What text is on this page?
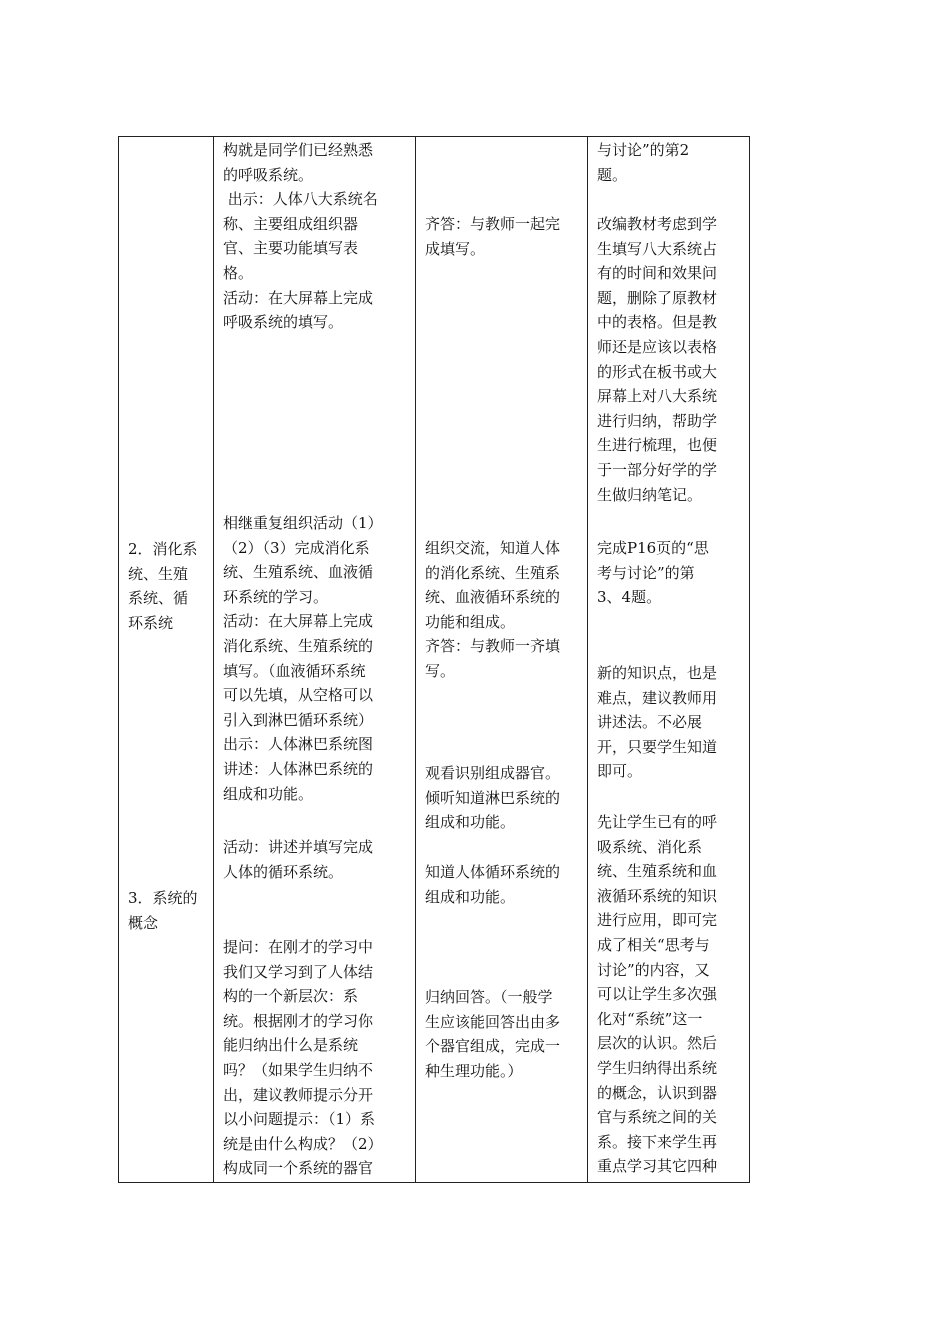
2．消化系
统、生殖
系统、循
环系统
3．系统的
概念
构就是同学们已经熟悉
的呼吸系统。
出示：人体八大系统名
称、主要组成组织器
官、主要功能填写表
格。
活动：在大屏幕上完成
呼吸系统的填写。
相继重复组织活动（1）
（2）（3）完成消化系
统、生殖系统、血液循
环系统的学习。
活动：在大屏幕上完成
消化系统、生殖系统的
填写。（血液循环系统
可以先填，从空格可以
引入到淋巴循环系统）
出示：人体淋巴系统图
讲述：人体淋巴系统的
组成和功能。
活动：讲述并填写完成
人体的循环系统。
提问：在刚才的学习中
我们又学习到了人体结
构的一个新层次：系
统。根据刚才的学习你
能归纳出什么是系统
吗？（如果学生归纳不
出，建议教师提示分开
以小问题提示：（1）系
统是由什么构成？（2）
构成同一个系统的器官
齐答：与教师一起完
成填写。
组织交流，知道人体
的消化系统、生殖系
统、血液循环系统的
功能和组成。
齐答：与教师一齐填
写。
观看识别组成器官。
倾听知道淋巴系统的
组成和功能。
知道人体循环系统的
组成和功能。
归纳回答。（一般学
生应该能回答出由多
个器官组成，完成一
种生理功能。）
与讨论”的第2
题。
改编教材考虑到学
生填写八大系统占
有的时间和效果问
题，删除了原教材
中的表格。但是教
师还是应该以表格
的形式在板书或大
屏幕上对八大系统
进行归纳，帮助学
生进行梳理，也便
于一部分好学的学
生做归纳笔记。
完成P16页的“思
考与讨论”的第
3、4题。
新的知识点，也是
难点，建议教师用
讲述法。不必展
开，只要学生知道
即可。
先让学生已有的呼
吸系统、消化系
统、生殖系统和血
液循环系统的知识
进行应用，即可完
成了相关“思考与
讨论”的内容，又
可以让学生多次强
化对“系统”这一
层次的认识。然后
学生归纳得出系统
的概念，认识到器
官与系统之间的关
系。接下来学生再
重点学习其它四种
